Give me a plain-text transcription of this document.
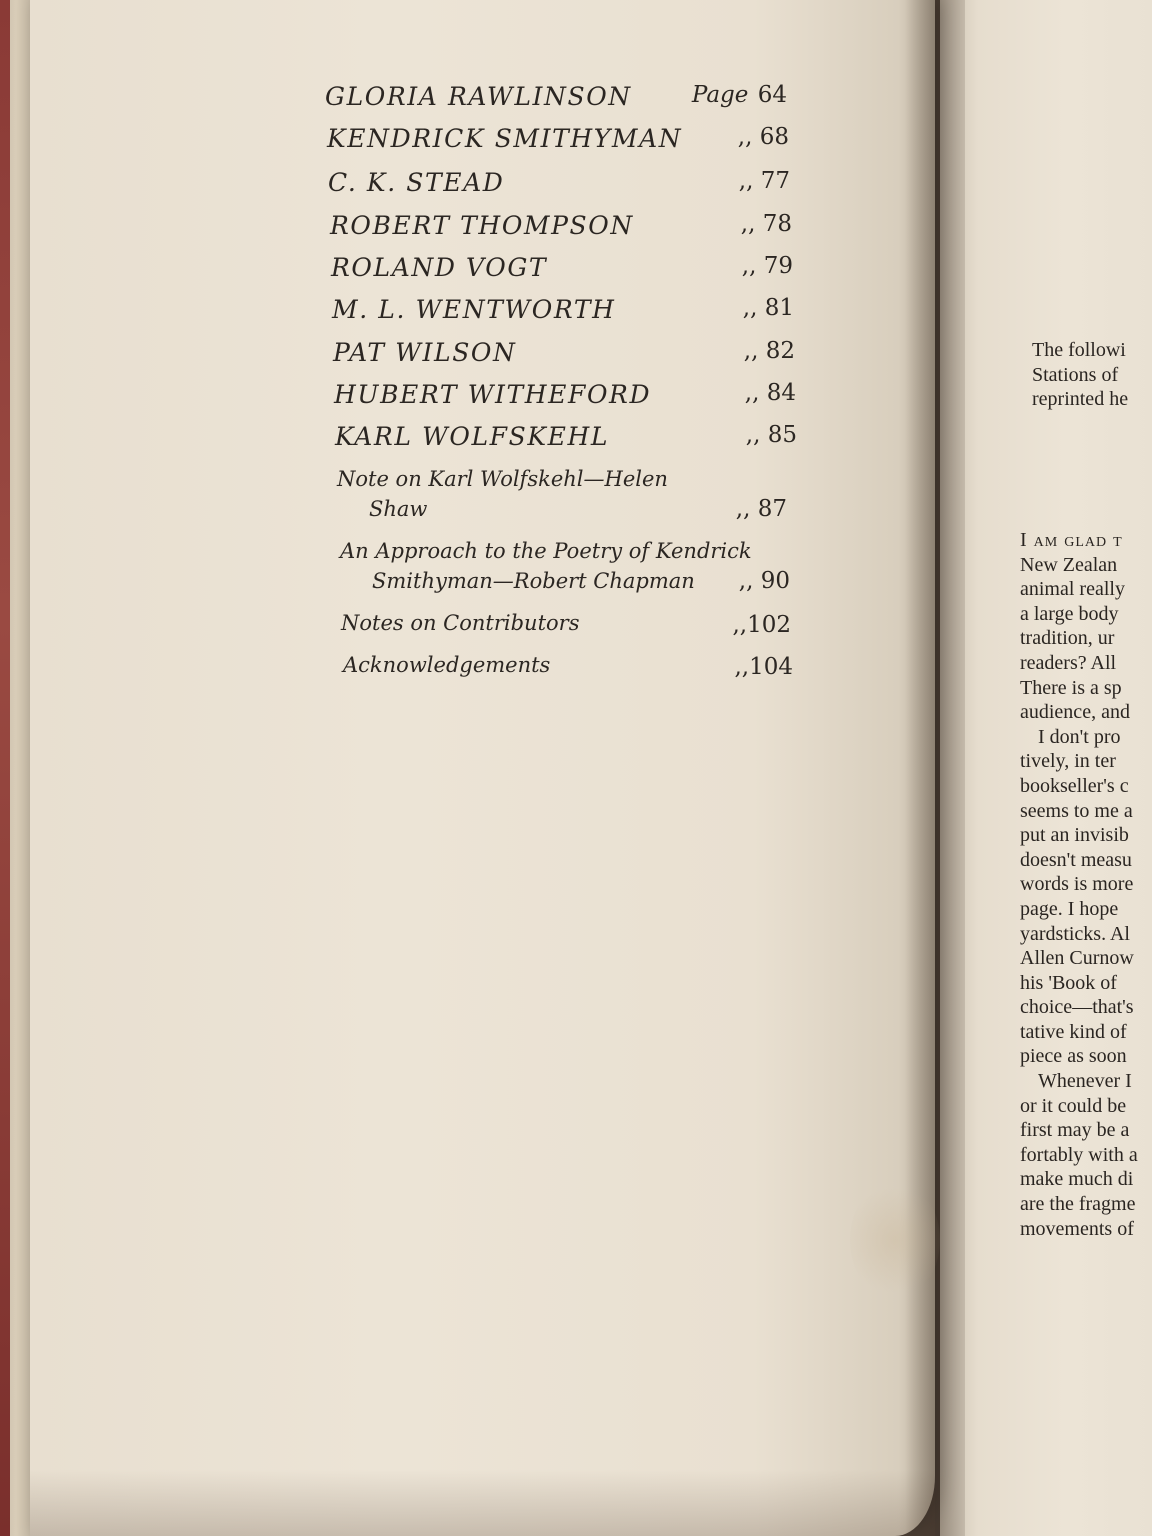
GLORIA RAWLINSON	Page 64
KENDRICK SMITHYMAN ,, 68
C. K. STEAD	,, 77
ROBERT THOMPSON	,, 78
ROLAND VOGT	,, 79
M. L. WENTWORTH	,, 81
PAT WILSON	,, 82
HUBERT WITHEFORD	,, 84
KARL WOLFSKEHL	,, 85
Note on Karl Wolfskehl—Helen
Shaw	,, 87
An Approach to the Poetry of Kendrick
Smithyman—Robert Chapman	,, 90
Notes on Contributors	,,102
Acknowledgements	,,104
The followi
Stations of
reprinted he
I am glad t
New Zealan
animal really
a large body
tradition, ur
readers? All
There is a sp
audience, and
I don't pro
tively, in ter
bookseller's c
seems to me a
put an invisib
doesn't measu
words is more
page. I hope
yardsticks. Al
Allen Curnow
his 'Book of
choice—that's
tative kind of
piece as soon
Whenever I
or it could be
first may be a
fortably with a
make much di
are the fragme
movements of
